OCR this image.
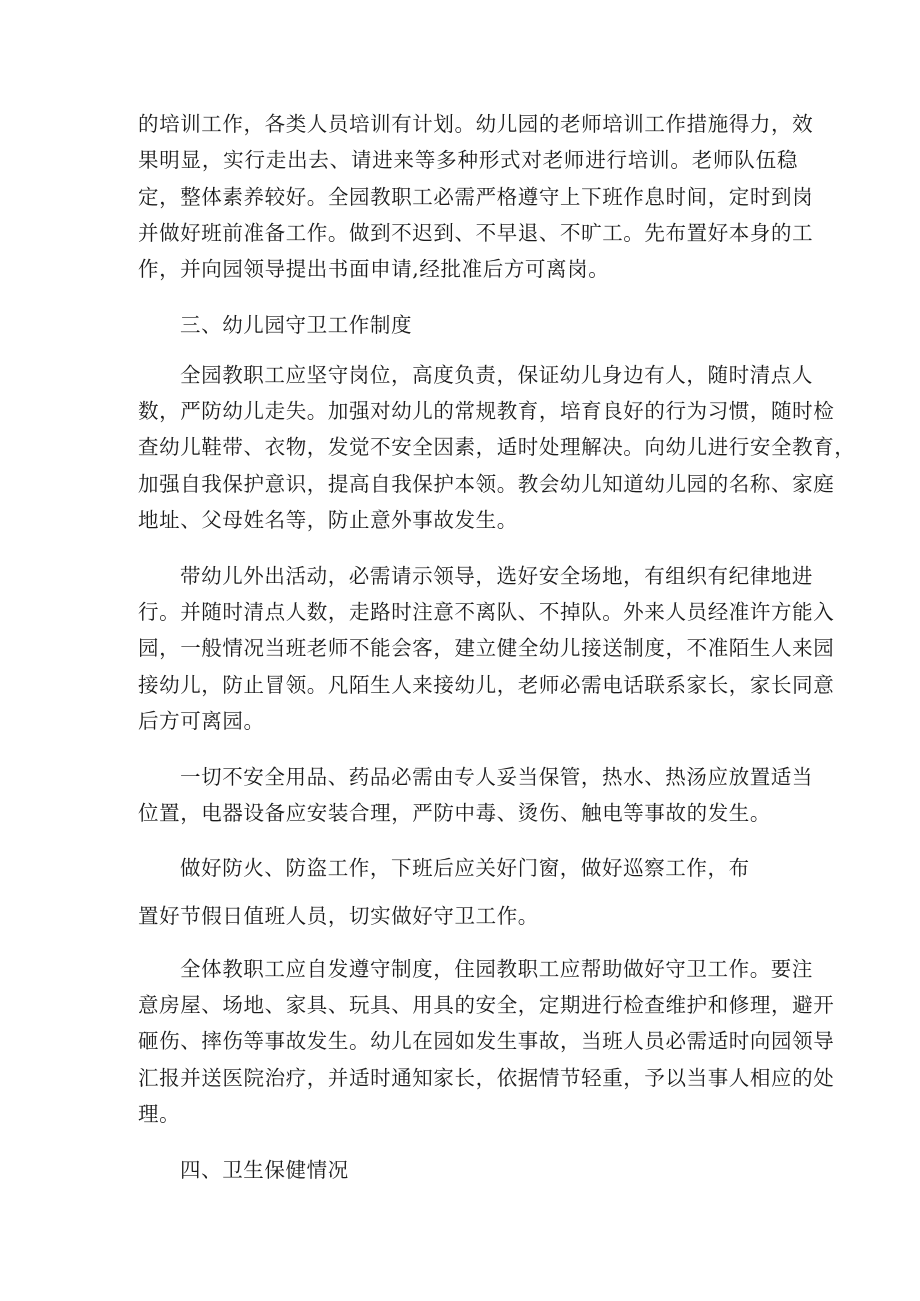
的培训工作，各类人员培训有计划。幼儿园的老师培训工作措施得力，效
果明显，实行走出去、请进来等多种形式对老师进行培训。老师队伍稳
定，整体素养较好。全园教职工必需严格遵守上下班作息时间，定时到岗
并做好班前准备工作。做到不迟到、不早退、不旷工。先布置好本身的工
作，并向园领导提出书面申请,经批准后方可离岗。
三、幼儿园守卫工作制度
全园教职工应坚守岗位，高度负责，保证幼儿身边有人，随时清点人
数，严防幼儿走失。加强对幼儿的常规教育，培育良好的行为习惯，随时检
查幼儿鞋带、衣物，发觉不安全因素，适时处理解决。向幼儿进行安全教育，
加强自我保护意识，提高自我保护本领。教会幼儿知道幼儿园的名称、家庭
地址、父母姓名等，防止意外事故发生。
带幼儿外出活动，必需请示领导，选好安全场地，有组织有纪律地进
行。并随时清点人数，走路时注意不离队、不掉队。外来人员经准许方能入
园，一般情况当班老师不能会客，建立健全幼儿接送制度，不准陌生人来园
接幼儿，防止冒领。凡陌生人来接幼儿，老师必需电话联系家长，家长同意
后方可离园。
一切不安全用品、药品必需由专人妥当保管，热水、热汤应放置适当
位置，电器设备应安装合理，严防中毒、烫伤、触电等事故的发生。
做好防火、防盗工作，下班后应关好门窗，做好巡察工作，布
置好节假日值班人员，切实做好守卫工作。
全体教职工应自发遵守制度，住园教职工应帮助做好守卫工作。要注
意房屋、场地、家具、玩具、用具的安全，定期进行检查维护和修理，避开
砸伤、摔伤等事故发生。幼儿在园如发生事故，当班人员必需适时向园领导
汇报并送医院治疗，并适时通知家长，依据情节轻重，予以当事人相应的处
理。
四、卫生保健情况
